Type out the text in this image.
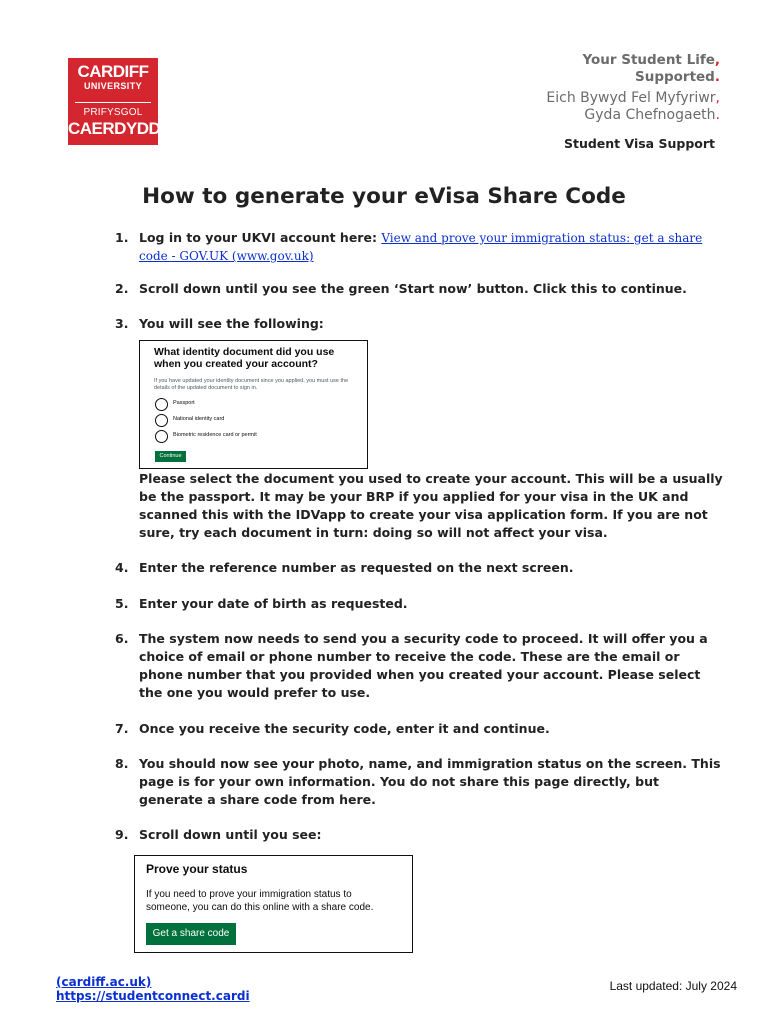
CARDIFF
UNIVERSITY
PRIFYSGOL
CAERDYDD
Your Student Life,
Supported.
Eich Bywyd Fel Myfyriwr,
Gyda Chefnogaeth.
Student Visa Support
How to generate your eVisa Share Code
1. Log in to your UKVI account here: View and prove your immigration status: get a share code - GOV.UK (www.gov.uk)
2. Scroll down until you see the green ‘Start now’ button. Click this to continue.
3. You will see the following:
What identity document did you use when you created your account?
If you have updated your identity document since you applied, you must use the details of the updated document to sign in.
Passport
National identity card
Biometric residence card or permit
Continue
Please select the document you used to create your account. This will be a usually be the passport. It may be your BRP if you applied for your visa in the UK and scanned this with the IDVapp to create your visa application form. If you are not sure, try each document in turn: doing so will not affect your visa.
4. Enter the reference number as requested on the next screen.
5. Enter your date of birth as requested.
6. The system now needs to send you a security code to proceed. It will offer you a choice of email or phone number to receive the code. These are the email or phone number that you provided when you created your account. Please select the one you would prefer to use.
7. Once you receive the security code, enter it and continue.
8. You should now see your photo, name, and immigration status on the screen. This page is for your own information. You do not share this page directly, but generate a share code from here.
9. Scroll down until you see:
Prove your status
If you need to prove your immigration status to someone, you can do this online with a share code.
Get a share code
(cardiff.ac.uk)
https://studentconnect.cardi
Last updated: July 2024
